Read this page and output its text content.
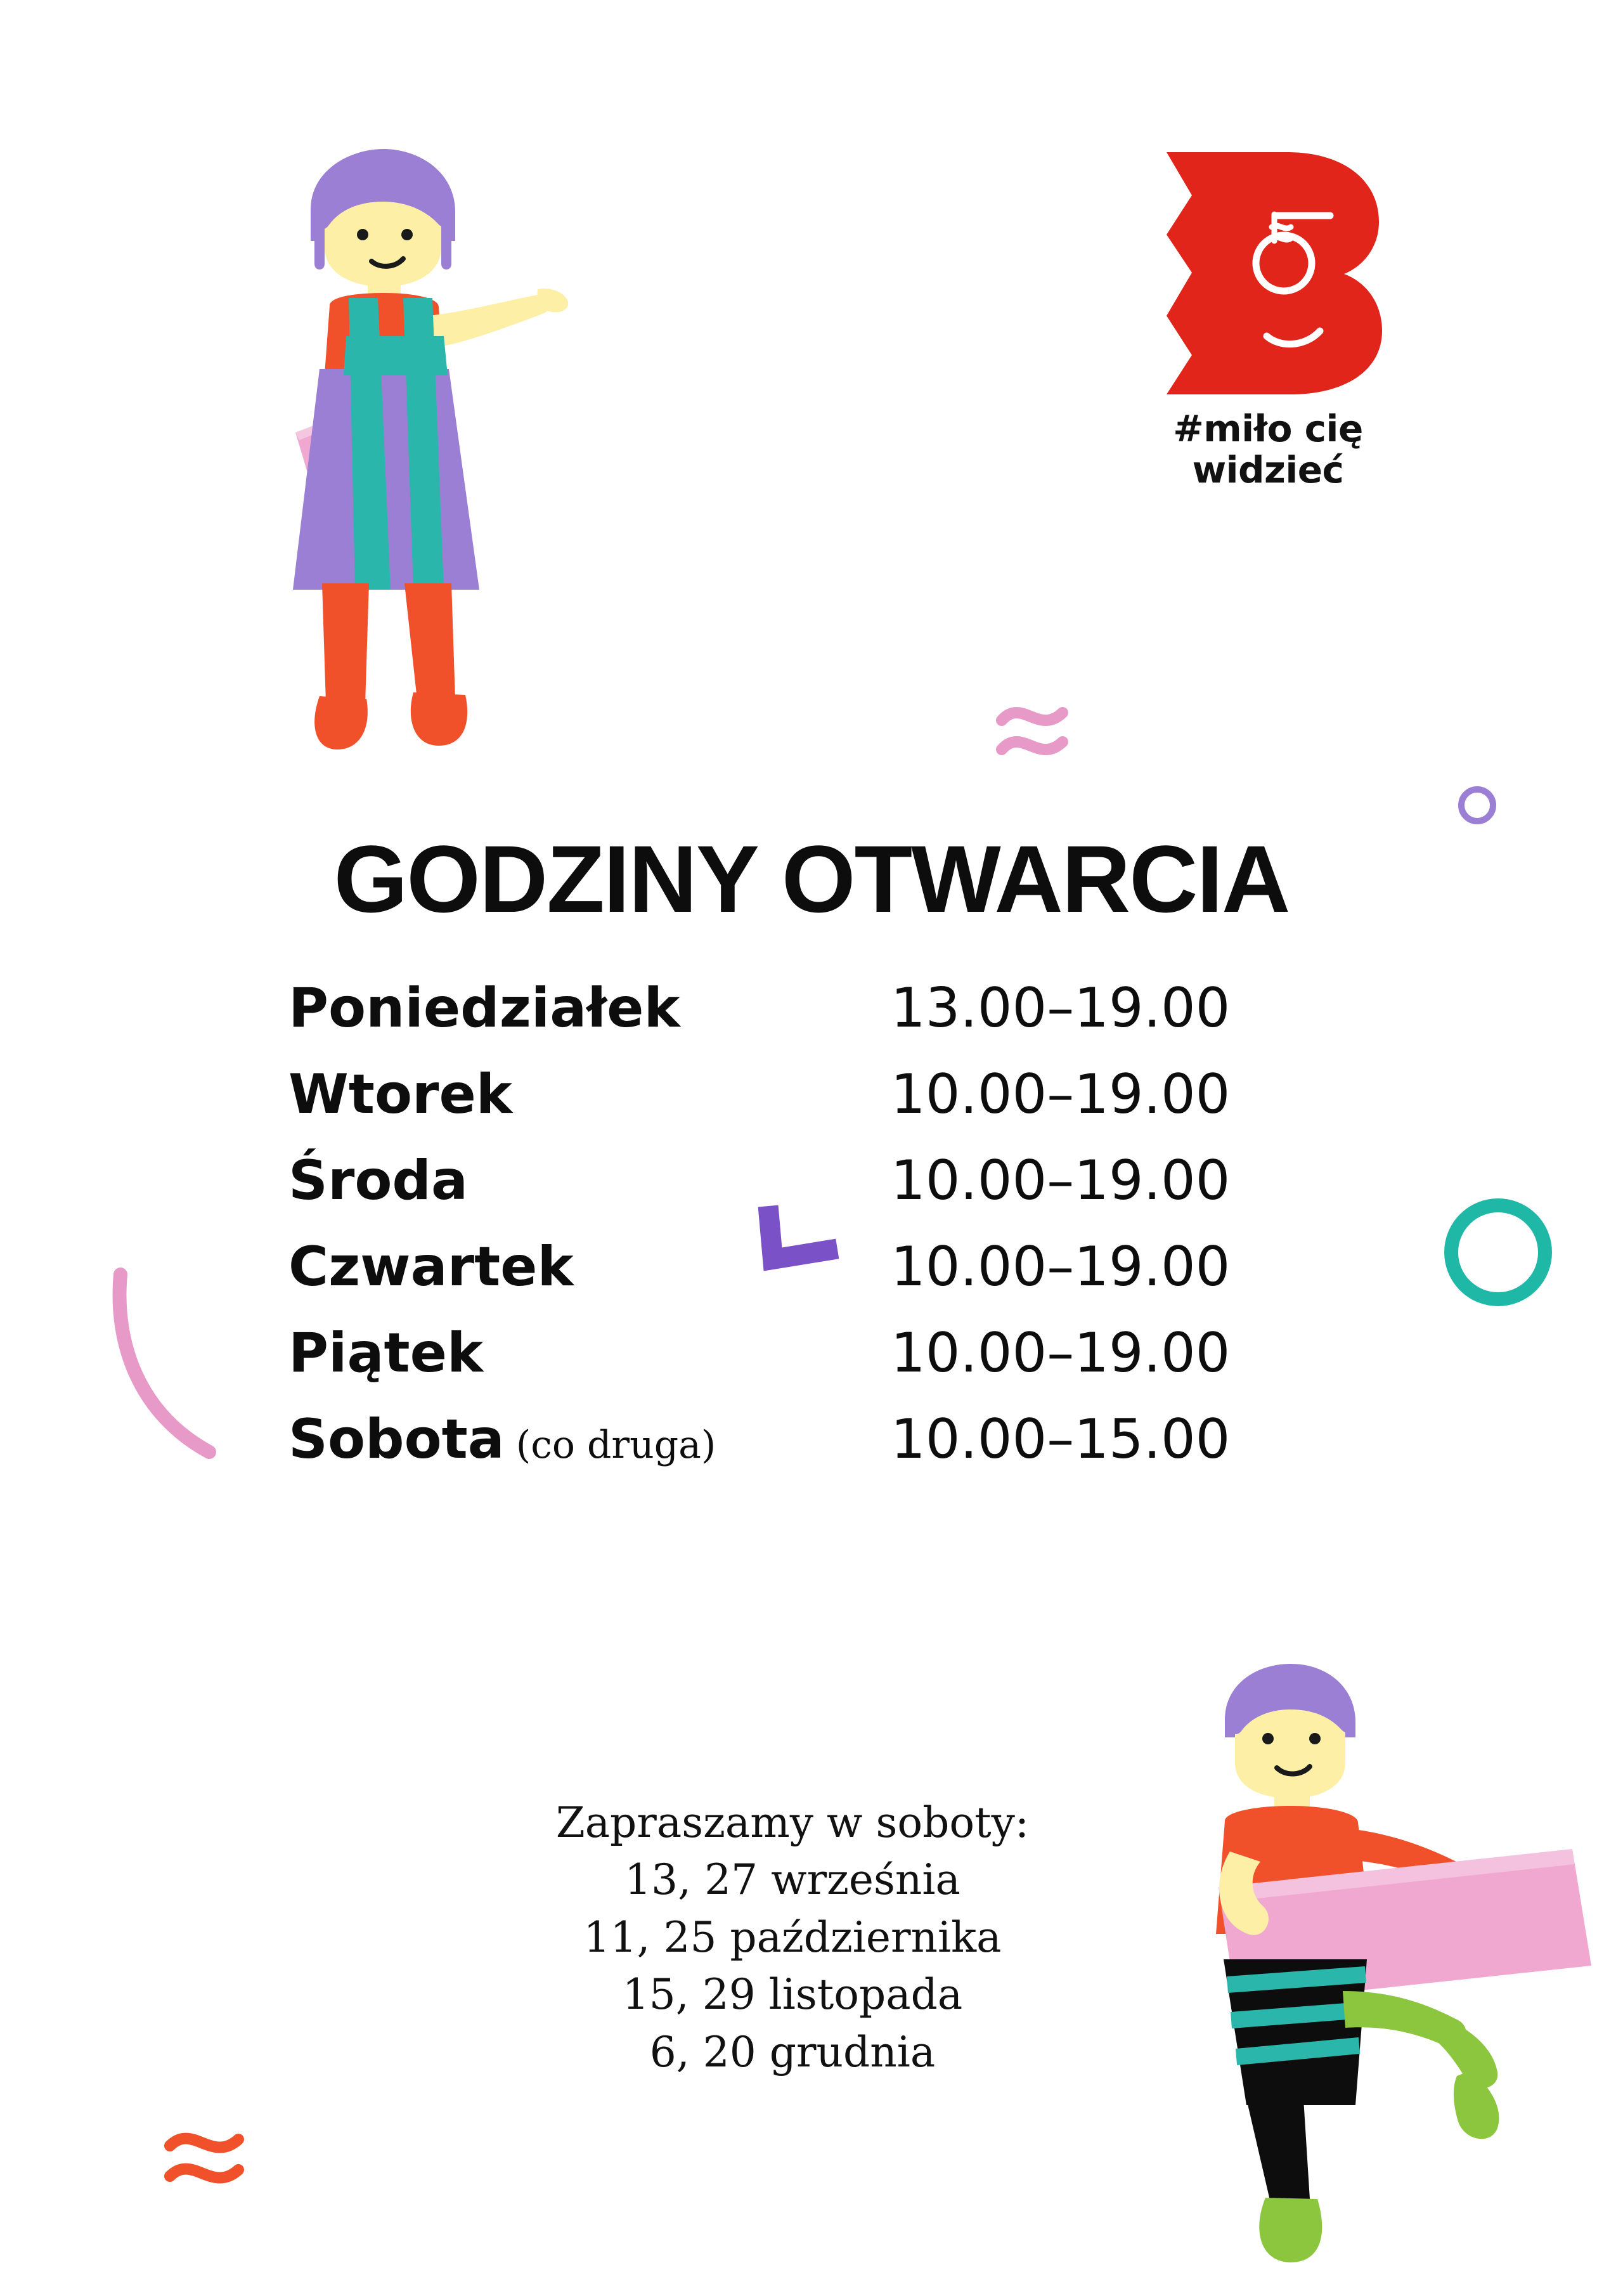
#miło cię
widzieć
GODZINY OTWARCIA
Poniedziałek	13.00–19.00
Wtorek	10.00–19.00
Środa	10.00–19.00
Czwartek	10.00–19.00
Piątek	10.00–19.00
Sobota (co druga)	10.00–15.00
Zapraszamy w soboty:
13, 27 września
11, 25 października
15, 29 listopada
6, 20 grudnia
